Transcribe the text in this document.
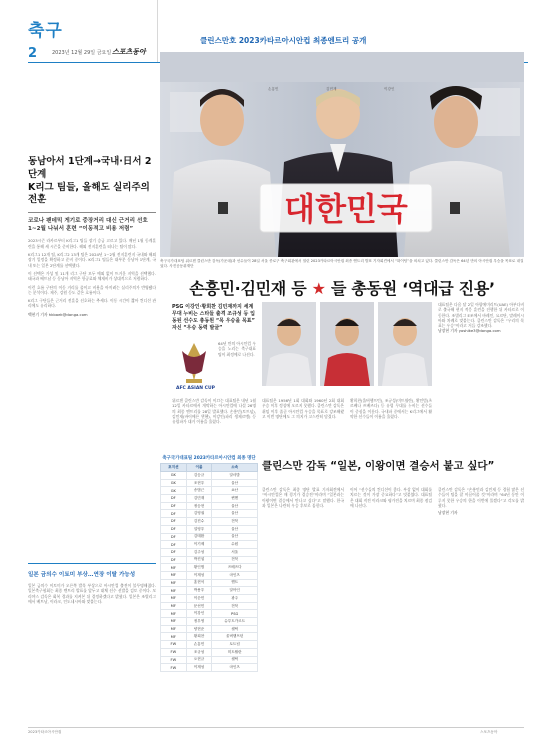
축구
2	2023년 12월 29일 금요일 스포츠동아
클린스만호 2023카타르아시안컵 최종엔트리 공개
대한민국
축구국가대표팀 위르겐 클린스만 감독(가운데)과 선수들이 28일 서울 종로구 축구회관에서 열린 2023카타르아시안컵 최종 엔트리 발표 기자회견에서 “화이팅”을 외치고 있다. 클린스만 감독은 64년 만의 아시안컵 우승을 목표로 내걸었다. 사진공동취재단
손흥민·김민재 등 ★ 들 총동원 ‘역대급 진용’
동남아서 1단계→국내·日서 2단계
K리그 팀들, 올해도 실리주의 전훈
코로나 팬데믹 게기로 중장거리 대신 근거리 선호
1~2월 나눠서 훈련 “이동적고 비용 저렴”

2023시즌 라카르부터 K리그1 팀들 장기 승급 고르고 있다. 매년 1월 동계훈련을 통해 새 시즌을 준비한다. 해외 전지훈련을 떠나는 팀이 많다.

K리그1 12개 팀, K리그2 13개 팀은 2024년 1~2월 전지훈련지 국내와 해외 장기 일정을 확정하고 준비 중이다. K리그1 팀들은 대부분 동남아 1단계, 국내 또는 일본 2단계를 선택했다.

이 선택은 가성 및 11개 리그 구단 모두 예외 없이 뜨거운 지역을 선택했다. 태국과 베트남 등 동남아 지역은 항공료와 체재비가 상대적으로 저렴하다.

이런 흐름 구단의 이동 거리를 줄이고 비용을 아끼려는 실리주의가 반영됐다는 분석이다. 제주, 강원 등도 같은 흐름이다.

K리그 구단들은 근거리 전훈을 선호하는 추세다. 이동 시간이 짧아 컨디션 관리에도 유리하다.

백현기 기자 hkbaek@donga.com
일본 금의수 이토미 부상…연장 이탈 가능성
일본 금의수 이토미가 오른쪽 발목 부상으로 아시안컵 출전이 불투명해졌다. 일본축구협회는 최종 엔트리 발표를 앞두고 대체 선수 선발을 검토 중이다. 모리야스 감독은 회복 경과를 지켜본 뒤 결정하겠다고 밝혔다. 일본은 조별리그에서 베트남, 이라크, 인도네시아와 맞붙는다.
PSG 이강인·황희찬 김민재까지 세계 무대 누비는 스타들 출격 조규성 등 입동된 선수도 총동원 “목 우승을 목표” 자신 “우승 동력 발굴”
AFC ASIAN CUP
64년 만의 아시안컵 우승을 노리는 축구대표팀이 최정예로 나선다.
위르겐 클린스만 감독이 이끄는 대표팀은 내년 1월 12일 카타르에서 개막하는 아시안컵에 나설 26명의 최종 엔트리를 28일 발표했다. 손흥민(토트넘), 김민재(바이에른 뮌헨), 이강인(파리 생제르맹) 등 유럽파가 대거 이름을 올렸다.
손흥민	김민재	이강인
대표팀은 1956년 1회 대회와 1960년 2회 대회 우승 이후 정상에 오르지 못했다. 클린스만 감독은 취임 이후 줄곧 아시안컵 우승을 목표로 강조해왔고 이번 명단에도 그 의지가 고스란히 담겼다.
황희찬(울버햄프턴), 조규성(미트윌란), 황인범(츠르베나 즈베즈다) 등 유럽 무대를 누비는 선수들이 중심을 이룬다. 국내파 중에서는 K리그에서 활약한 선수들이 이름을 올렸다.
대표팀은 다음 달 2일 아랍에미리트(UAE) 아부다비로 출국해 현지 적응 훈련을 진행한 뒤 카타르로 이동한다. 조별리그 E조에서 바레인, 요르단, 말레이시아와 차례로 맞붙는다. 클린스만 감독은 “우리의 목표는 우승”이라고 거듭 강조했다.
남장현 기자 yoshike3@donga.com
축구국가대표팀 2023카타르아시안컵 최종 명단
포지션	이름	소속
GK	김승규	알샤밥
GK	조현우	울산
GK	송범근	쇼난
DF	김민재	뮌헨
DF	정승현	울산
DF	김영권	울산
DF	김진수	전북
DF	설영우	울산
DF	김태환	울산
DF	이기제	수원
DF	김주성	서울
DF	박진섭	전북
MF	황인범	즈베즈다
MF	이재성	마인츠
MF	홍현석	헨트
MF	박용우	알아인
MF	이순민	광주
MF	문선민	전북
MF	이강인	PSG
MF	정우영	슈투트가르트
MF	양현준	셀틱
MF	황희찬	울버햄프턴
FW	손흥민	토트넘
FW	조규성	미트윌란
FW	오현규	셀틱
FW	이재성	마인츠
클린스만 감독 “일본, 이왕이면 결승서 붙고 싶다”
클린스만 감독은 최종 명단 발표 기자회견에서 “아시안컵은 매 경기가 결승전”이라며 “일본과는 이왕이면 결승에서 만나고 싶다”고 말했다. 한국과 일본은 나란히 우승 후보로 꼽힌다.
이어 “선수들의 컨디션이 좋다. 부상 없이 대회를 치르는 것이 가장 중요하다”고 덧붙였다. 대표팀은 대회 직전 이라크와 평가전을 치르며 최종 점검에 나선다.
클린스만 감독은 “손흥민과 김민재 등 경험 많은 선수들이 팀을 잘 이끌어줄 것”이라며 “64년 동안 이루지 못한 우승의 한을 이번에 풀겠다”고 각오를 밝혔다.
남장현 기자
2023카타르아시안컵	스포츠동아
